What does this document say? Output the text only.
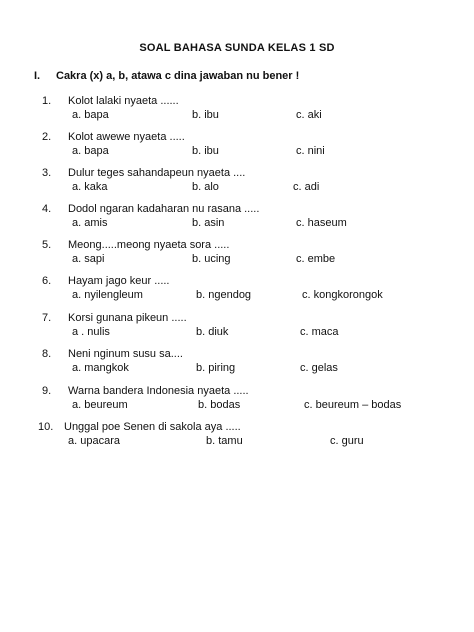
SOAL BAHASA SUNDA KELAS 1 SD
I. Cakra (x) a, b, atawa c dina jawaban nu bener !
1. Kolot lalaki nyaeta ......
a. bapa	b. ibu	c. aki
2. Kolot awewe nyaeta .....
a. bapa	b. ibu	c. nini
3. Dulur teges sahandapeun nyaeta ....
a. kaka	b. alo	c. adi
4. Dodol ngaran kadaharan nu rasana .....
a. amis	b. asin	c. haseum
5. Meong.....meong nyaeta sora .....
a. sapi	b. ucing	c. embe
6. Hayam jago keur .....
a. nyilengleum	b. ngendog	c. kongkorongok
7. Korsi gunana pikeun .....
a . nulis	b. diuk	c. maca
8. Neni nginum susu sa....
a. mangkok	b. piring	c. gelas
9. Warna bandera Indonesia nyaeta .....
a. beureum	b. bodas	c. beureum – bodas
10. Unggal poe Senen di sakola aya .....
a. upacara	b. tamu	c. guru
